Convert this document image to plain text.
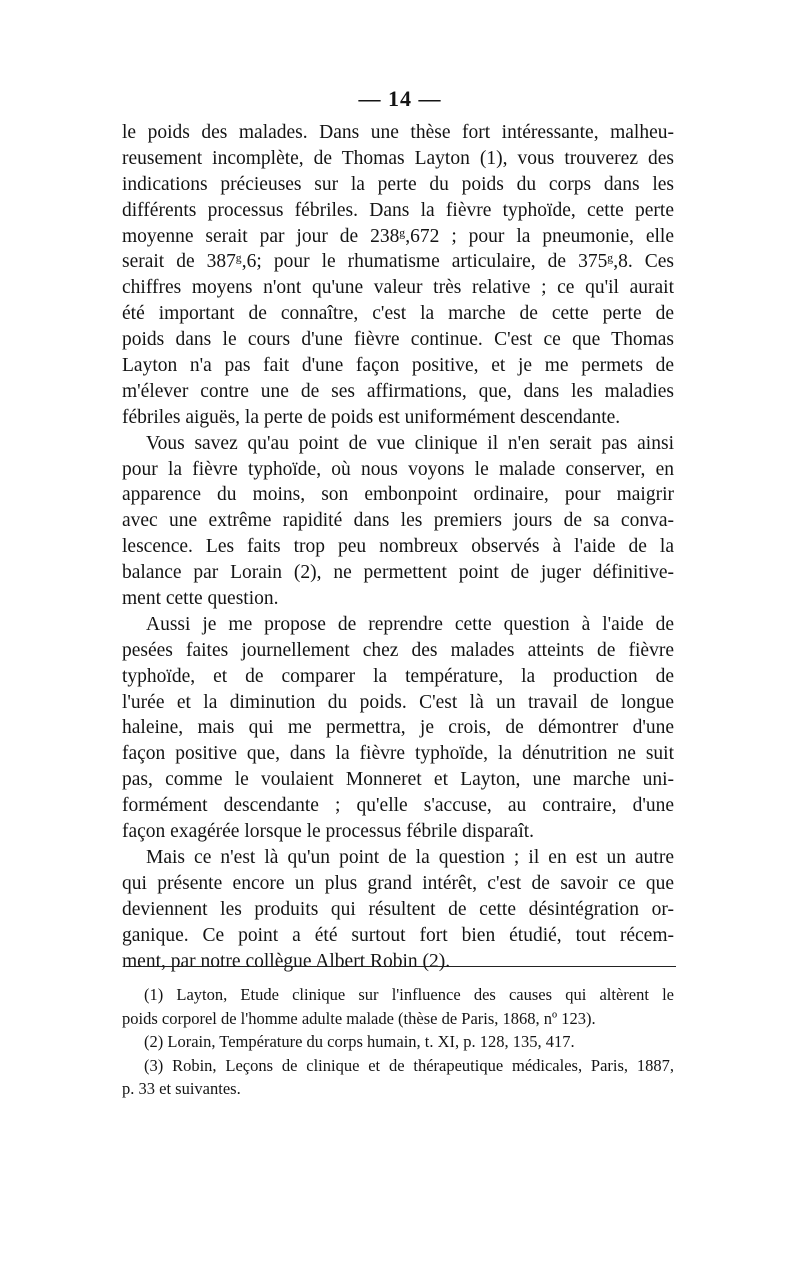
— 14 —
le poids des malades. Dans une thèse fort intéressante, malheu-
reusement incomplète, de Thomas Layton (1), vous trouverez des
indications précieuses sur la perte du poids du corps dans les
différents processus fébriles. Dans la fièvre typhoïde, cette perte
moyenne serait par jour de 238ᵍ,672 ; pour la pneumonie, elle
serait de 387ᵍ,6; pour le rhumatisme articulaire, de 375ᵍ,8. Ces
chiffres moyens n'ont qu'une valeur très relative ; ce qu'il aurait
été important de connaître, c'est la marche de cette perte de
poids dans le cours d'une fièvre continue. C'est ce que Thomas
Layton n'a pas fait d'une façon positive, et je me permets de
m'élever contre une de ses affirmations, que, dans les maladies
fébriles aiguës, la perte de poids est uniformément descendante.
Vous savez qu'au point de vue clinique il n'en serait pas ainsi
pour la fièvre typhoïde, où nous voyons le malade conserver, en
apparence du moins, son embonpoint ordinaire, pour maigrir
avec une extrême rapidité dans les premiers jours de sa conva-
lescence. Les faits trop peu nombreux observés à l'aide de la
balance par Lorain (2), ne permettent point de juger définitive-
ment cette question.
Aussi je me propose de reprendre cette question à l'aide de
pesées faites journellement chez des malades atteints de fièvre
typhoïde, et de comparer la température, la production de
l'urée et la diminution du poids. C'est là un travail de longue
haleine, mais qui me permettra, je crois, de démontrer d'une
façon positive que, dans la fièvre typhoïde, la dénutrition ne suit
pas, comme le voulaient Monneret et Layton, une marche uni-
formément descendante ; qu'elle s'accuse, au contraire, d'une
façon exagérée lorsque le processus fébrile disparaît.
Mais ce n'est là qu'un point de la question ; il en est un autre
qui présente encore un plus grand intérêt, c'est de savoir ce que
deviennent les produits qui résultent de cette désintégration or-
ganique. Ce point a été surtout fort bien étudié, tout récem-
ment, par notre collègue Albert Robin (2).
(1) Layton, Etude clinique sur l'influence des causes qui altèrent le
poids corporel de l'homme adulte malade (thèse de Paris, 1868, nº 123).
(2) Lorain, Température du corps humain, t. XI, p. 128, 135, 417.
(3) Robin, Leçons de clinique et de thérapeutique médicales, Paris, 1887,
p. 33 et suivantes.
